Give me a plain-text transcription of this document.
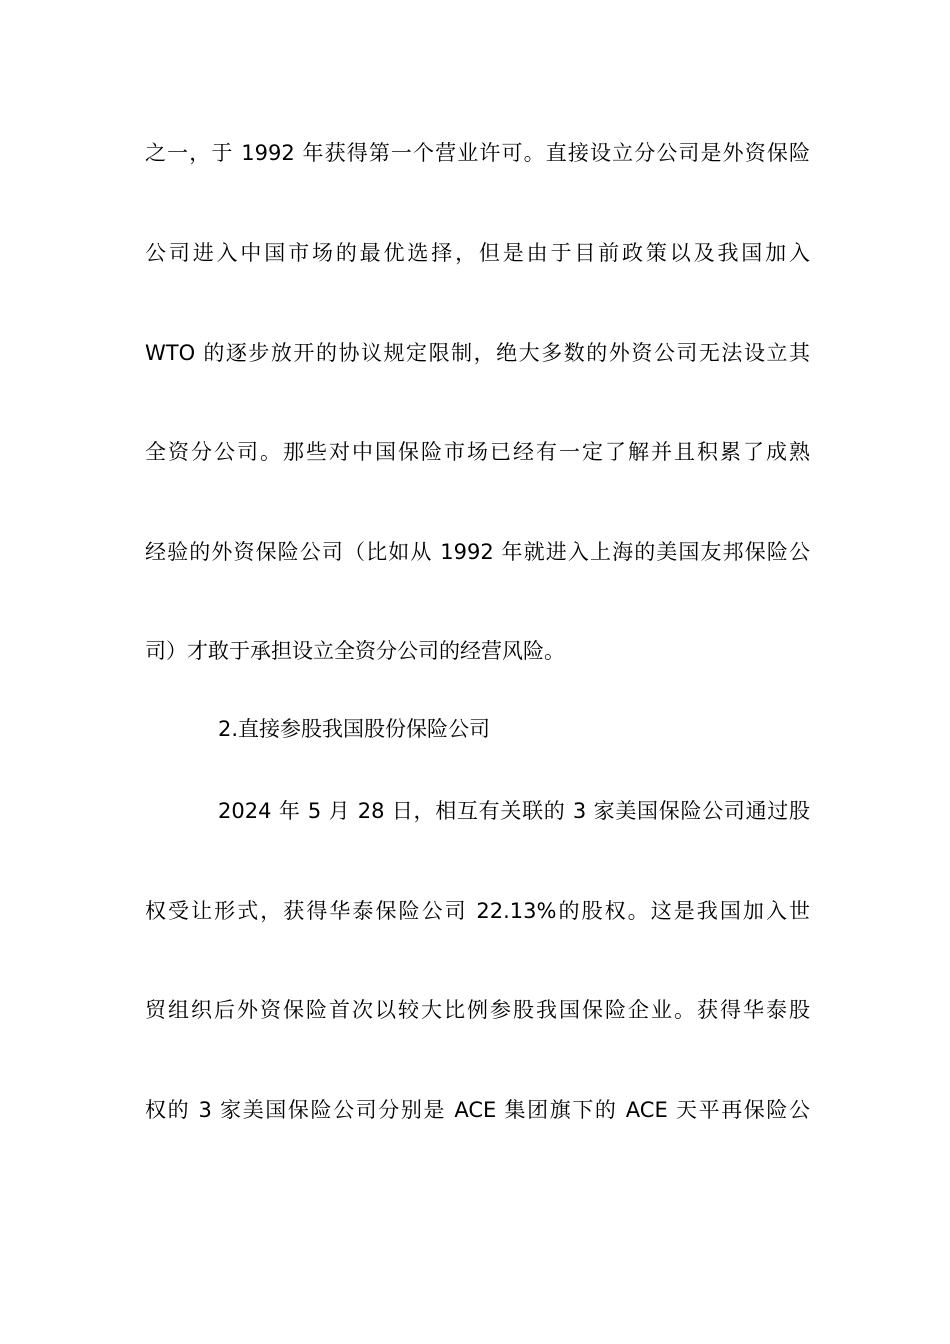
之一，于 1992 年获得第一个营业许可。直接设立分公司是外资保险
公司进入中国市场的最优选择，但是由于目前政策以及我国加入
WTO 的逐步放开的协议规定限制，绝大多数的外资公司无法设立其
全资分公司。那些对中国保险市场已经有一定了解并且积累了成熟
经验的外资保险公司（比如从 1992 年就进入上海的美国友邦保险公
司）才敢于承担设立全资分公司的经营风险。
2.直接参股我国股份保险公司
2024 年 5 月 28 日，相互有关联的 3 家美国保险公司通过股
权受让形式，获得华泰保险公司 22.13%的股权。这是我国加入世
贸组织后外资保险首次以较大比例参股我国保险企业。获得华泰股
权的 3 家美国保险公司分别是 ACE 集团旗下的 ACE 天平再保险公
